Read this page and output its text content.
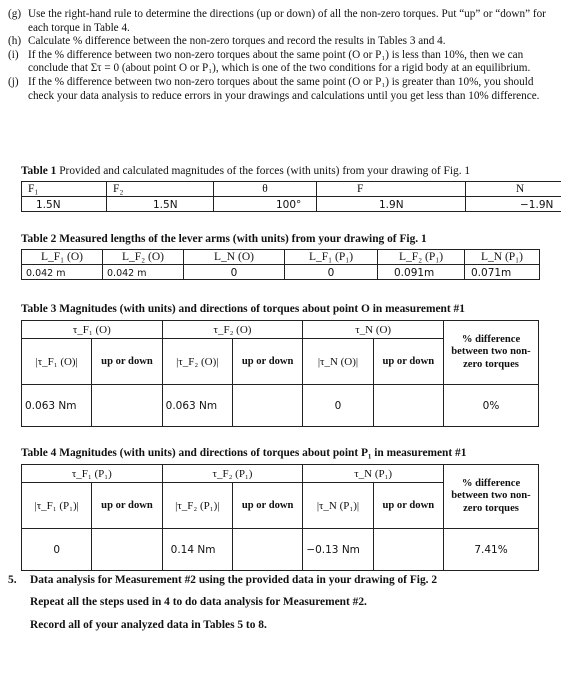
(g) Use the right-hand rule to determine the directions (up or down) of all the non-zero torques. Put “up” or “down” for each torque in Table 4.
(h) Calculate % difference between the non-zero torques and record the results in Tables 3 and 4.
(i) If the % difference between two non-zero torques about the same point (O or P₁) is less than 10%, then we can conclude that Στ = 0 (about point O or P₁), which is one of the two conditions for a rigid body at an equilibrium.
(j) If the % difference between two non-zero torques about the same point (O or P₁) is greater than 10%, you should check your data analysis to reduce errors in your drawings and calculations until you get less than 10% difference.
Table 1 Provided and calculated magnitudes of the forces (with units) from your drawing of Fig. 1
F₁	F₂	θ	F	N
1.5N	1.5N	100°	1.9N	−1.9N
Table 2 Measured lengths of the lever arms (with units) from your drawing of Fig. 1
L_F₁ (O)	L_F₂ (O)	L_N (O)	L_F₁ (P₁)	L_F₂ (P₁)	L_N (P₁)
0.042 m	0.042 m	0	0	0.091m	0.071m
Table 3 Magnitudes (with units) and directions of torques about point O in measurement #1
τ_F₁ (O)		τ_F₂ (O)		τ_N (O)		% difference between two non-zero torques
|τ_F₁ (O)|	up or down	|τ_F₂ (O)|	up or down	|τ_N (O)|	up or down	
0.063 Nm		0.063 Nm		0		0%
Table 4 Magnitudes (with units) and directions of torques about point P₁ in measurement #1
τ_F₁ (P₁)		τ_F₂ (P₁)		τ_N (P₁)		% difference between two non-zero torques
|τ_F₁ (P₁)|	up or down	|τ_F₂ (P₁)|	up or down	|τ_N (P₁)|	up or down	
0		0.14 Nm		−0.13 Nm		7.41%
5.	Data analysis for Measurement #2 using the provided data in your drawing of Fig. 2
Repeat all the steps used in 4 to do data analysis for Measurement #2.
Record all of your analyzed data in Tables 5 to 8.
